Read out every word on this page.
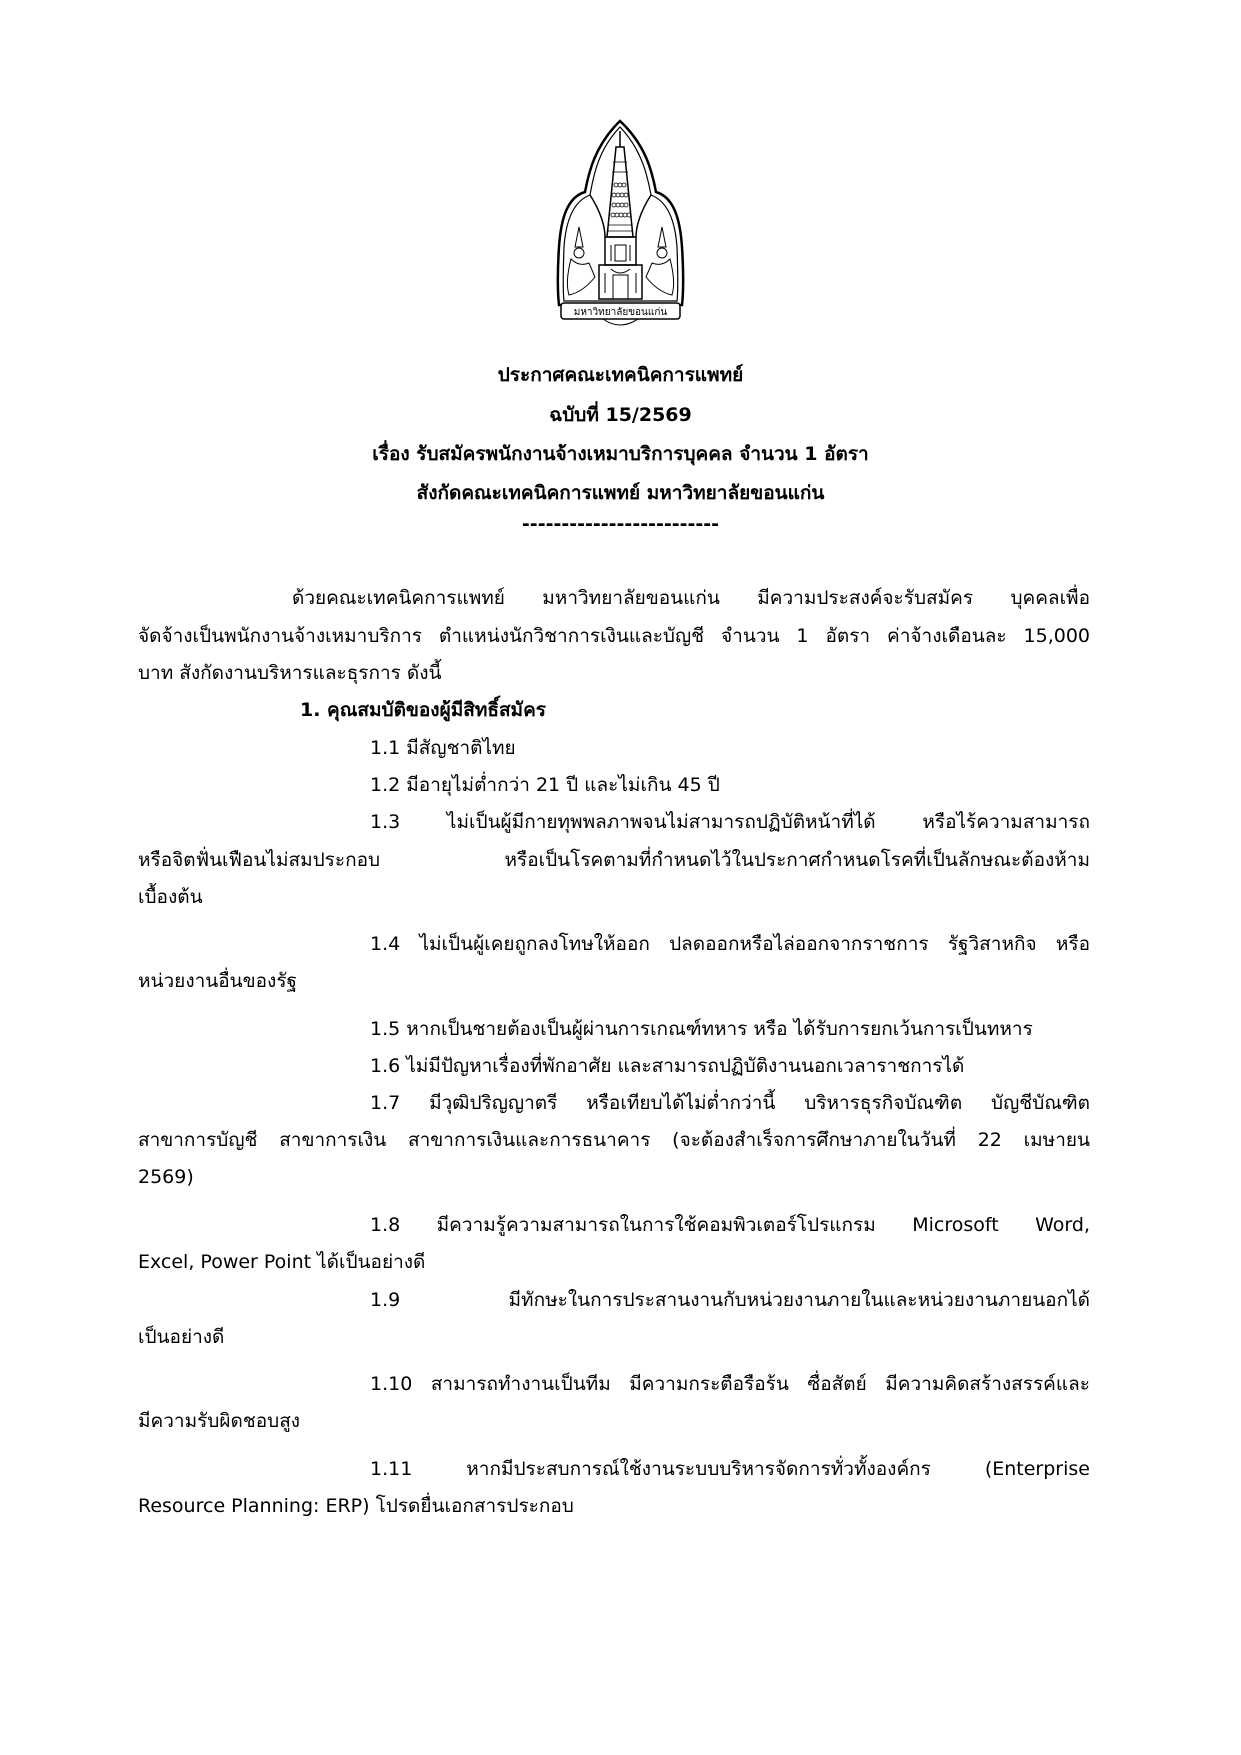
มหาวิทยาลัยขอนแก่น
ประกาศคณะเทคนิคการแพทย์
ฉบับที่ 15/2569
เรื่อง รับสมัครพนักงานจ้างเหมาบริการบุคคล จำนวน 1 อัตรา
สังกัดคณะเทคนิคการแพทย์ มหาวิทยาลัยขอนแก่น
-------------------------
ด้วยคณะเทคนิคการแพทย์ มหาวิทยาลัยขอนแก่น มีความประสงค์จะรับสมัคร บุคคลเพื่อ
จัดจ้างเป็นพนักงานจ้างเหมาบริการ ตำแหน่งนักวิชาการเงินและบัญชี จำนวน 1 อัตรา ค่าจ้างเดือนละ 15,000
บาท สังกัดงานบริหารและธุรการ ดังนี้
1. คุณสมบัติของผู้มีสิทธิ์สมัคร
1.1 มีสัญชาติไทย
1.2 มีอายุไม่ต่ำกว่า 21 ปี และไม่เกิน 45 ปี
1.3 ไม่เป็นผู้มีกายทุพพลภาพจนไม่สามารถปฏิบัติหน้าที่ได้ หรือไร้ความสามารถ
หรือจิตฟั่นเฟือนไม่สมประกอบ หรือเป็นโรคตามที่กำหนดไว้ในประกาศกำหนดโรคที่เป็นลักษณะต้องห้าม
เบื้องต้น
1.4 ไม่เป็นผู้เคยถูกลงโทษให้ออก ปลดออกหรือไล่ออกจากราชการ รัฐวิสาหกิจ หรือ
หน่วยงานอื่นของรัฐ
1.5 หากเป็นชายต้องเป็นผู้ผ่านการเกณฑ์ทหาร หรือ ได้รับการยกเว้นการเป็นทหาร
1.6 ไม่มีปัญหาเรื่องที่พักอาศัย และสามารถปฏิบัติงานนอกเวลาราชการได้
1.7 มีวุฒิปริญญาตรี หรือเทียบได้ไม่ต่ำกว่านี้ บริหารธุรกิจบัณฑิต บัญชีบัณฑิต
สาขาการบัญชี สาขาการเงิน สาขาการเงินและการธนาคาร (จะต้องสำเร็จการศึกษาภายในวันที่ 22 เมษายน
2569)
1.8 มีความรู้ความสามารถในการใช้คอมพิวเตอร์โปรแกรม Microsoft Word,
Excel, Power Point ได้เป็นอย่างดี
1.9 มีทักษะในการประสานงานกับหน่วยงานภายในและหน่วยงานภายนอกได้
เป็นอย่างดี
1.10 สามารถทำงานเป็นทีม มีความกระตือรือร้น ซื่อสัตย์ มีความคิดสร้างสรรค์และ
มีความรับผิดชอบสูง
1.11 หากมีประสบการณ์ใช้งานระบบบริหารจัดการทั่วทั้งองค์กร (Enterprise
Resource Planning: ERP) โปรดยื่นเอกสารประกอบ
